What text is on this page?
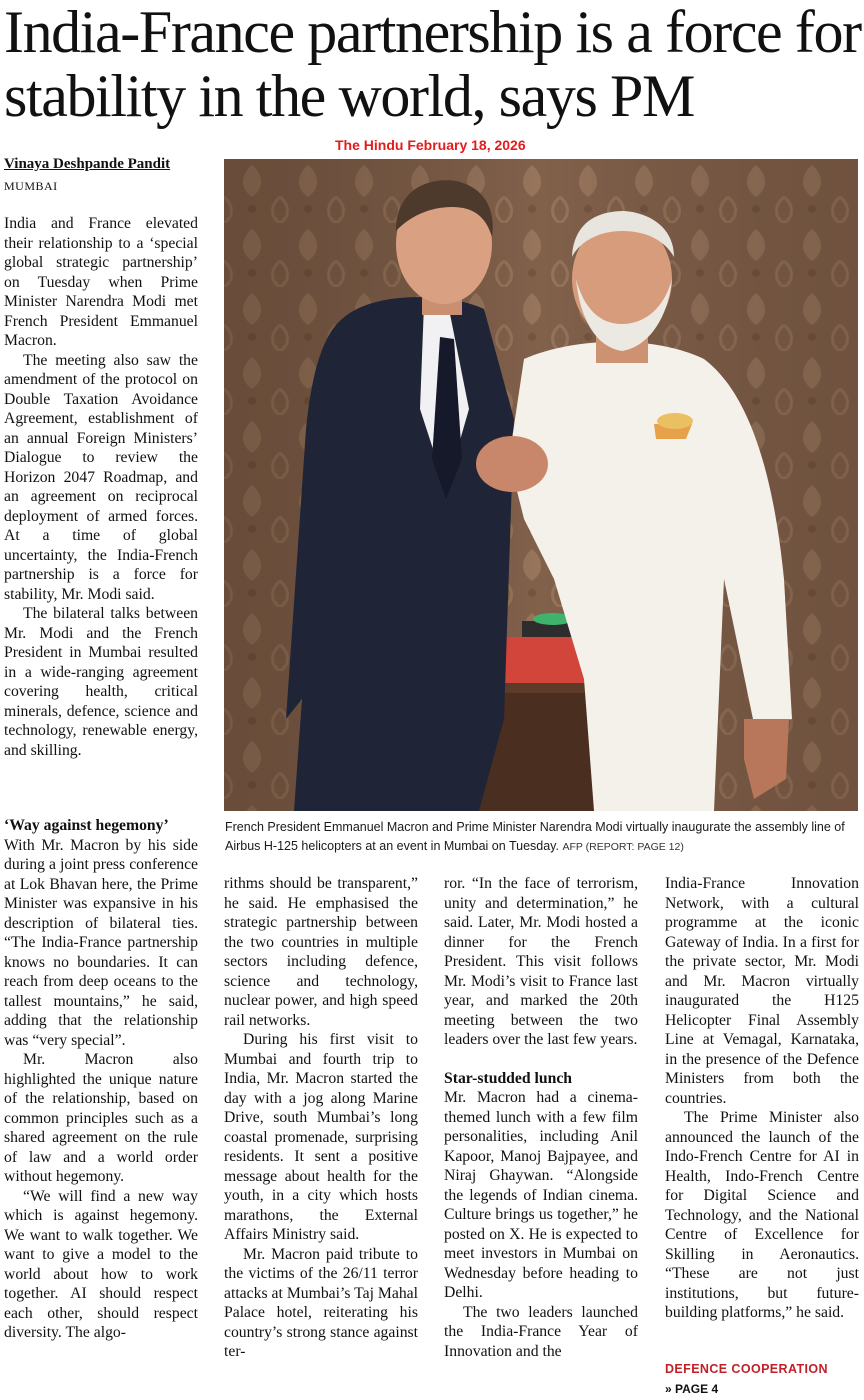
India-France partnership is a force for stability in the world, says PM
The Hindu February 18, 2026
Vinaya Deshpande Pandit
MUMBAI

India and France elevated their relationship to a ‘special global strategic partnership’ on Tuesday when Prime Minister Narendra Modi met French President Emmanuel Macron.

The meeting also saw the amendment of the protocol on Double Taxation Avoidance Agreement, establishment of an annual Foreign Ministers’ Dialogue to review the Horizon 2047 Roadmap, and an agreement on reciprocal deployment of armed forces. At a time of global uncertainty, the India-French partnership is a force for stability, Mr. Modi said.

The bilateral talks between Mr. Modi and the French President in Mumbai resulted in a wide-ranging agreement covering health, critical minerals, defence, science and technology, renewable energy, and skilling.

‘Way against hegemony’

With Mr. Macron by his side during a joint press conference at Lok Bhavan here, the Prime Minister was expansive in his description of bilateral ties. “The India-France partnership knows no boundaries. It can reach from deep oceans to the tallest mountains,” he said, adding that the relationship was “very special”.

Mr. Macron also highlighted the unique nature of the relationship, based on common principles such as a shared agreement on the rule of law and a world order without hegemony.

“We will find a new way which is against hegemony. We want to walk together. We want to give a model to the world about how to work together. AI should respect each other, should respect diversity. The algo-

French President Emmanuel Macron and Prime Minister Narendra Modi virtually inaugurate the assembly line of Airbus H-125 helicopters at an event in Mumbai on Tuesday. AFP (REPORT: PAGE 12)

rithms should be transparent,” he said. He emphasised the strategic partnership between the two countries in multiple sectors including defence, science and technology, nuclear power, and high speed rail networks.

During his first visit to Mumbai and fourth trip to India, Mr. Macron started the day with a jog along Marine Drive, south Mumbai’s long coastal promenade, surprising residents. It sent a positive message about health for the youth, in a city which hosts marathons, the External Affairs Ministry said.

Mr. Macron paid tribute to the victims of the 26/11 terror attacks at Mumbai’s Taj Mahal Palace hotel, reiterating his country’s strong stance against ter-

ror. “In the face of terrorism, unity and determination,” he said. Later, Mr. Modi hosted a dinner for the French President. This visit follows Mr. Modi’s visit to France last year, and marked the 20th meeting between the two leaders over the last few years.

Star-studded lunch

Mr. Macron had a cinema-themed lunch with a few film personalities, including Anil Kapoor, Manoj Bajpayee, and Niraj Ghaywan. “Alongside the legends of Indian cinema. Culture brings us together,” he posted on X. He is expected to meet investors in Mumbai on Wednesday before heading to Delhi.

The two leaders launched the India-France Year of Innovation and the

India-France Innovation Network, with a cultural programme at the iconic Gateway of India. In a first for the private sector, Mr. Modi and Mr. Macron virtually inaugurated the H125 Helicopter Final Assembly Line at Vemagal, Karnataka, in the presence of the Defence Ministers from both the countries.

The Prime Minister also announced the launch of the Indo-French Centre for AI in Health, Indo-French Centre for Digital Science and Technology, and the National Centre of Excellence for Skilling in Aeronautics. “These are not just institutions, but future-building platforms,” he said.

DEFENCE COOPERATION
» PAGE 4
